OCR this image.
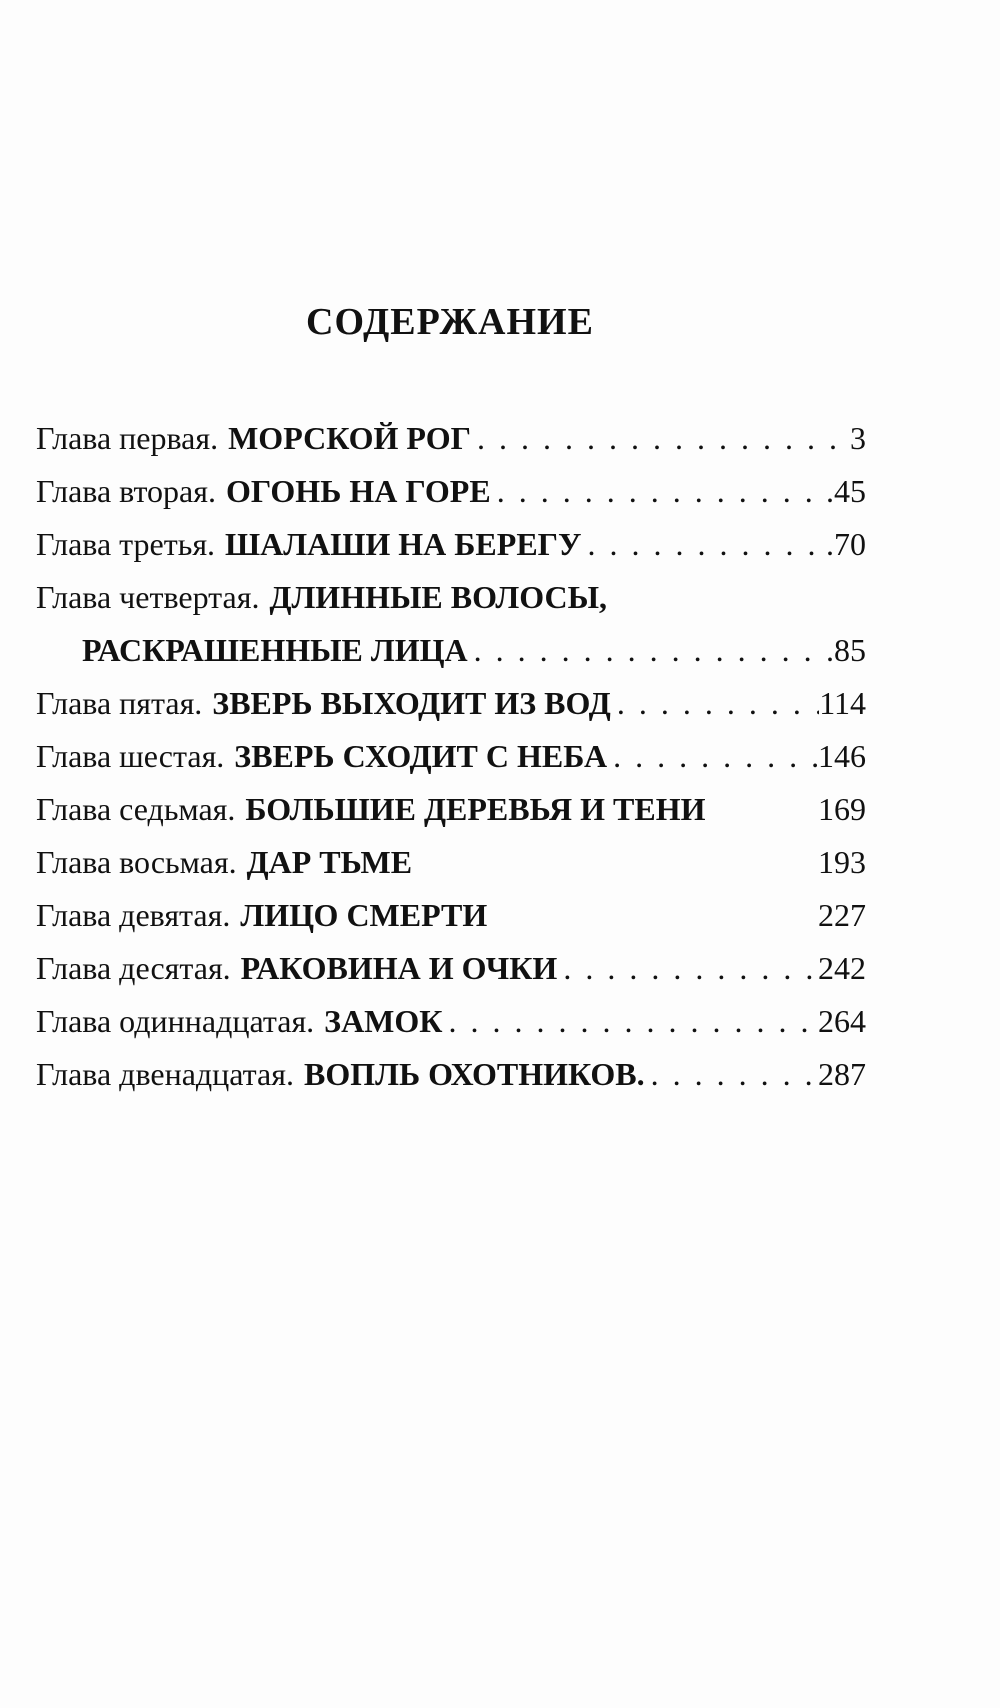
СОДЕРЖАНИЕ
Глава первая. МОРСКОЙ РОГ . . .	3
Глава вторая. ОГОНЬ НА ГОРЕ . . .	.45
Глава третья. ШАЛАШИ НА БЕРЕГУ . . .	.70
Глава четвертая. ДЛИННЫЕ ВОЛОСЫ,
РАСКРАШЕННЫЕ ЛИЦА . . .	.85
Глава пятая. ЗВЕРЬ ВЫХОДИТ ИЗ ВОД . . .	114
Глава шестая. ЗВЕРЬ СХОДИТ С НЕБА . . .	146
Глава седьмая. БОЛЬШИЕ ДЕРЕВЬЯ И ТЕНИ	169
Глава восьмая. ДАР ТЬМЕ	193
Глава девятая. ЛИЦО СМЕРТИ	227
Глава десятая. РАКОВИНА И ОЧКИ . . .	242
Глава одиннадцатая. ЗАМОК . . .	264
Глава двенадцатая. ВОПЛЬ ОХОТНИКОВ. . . .	287
